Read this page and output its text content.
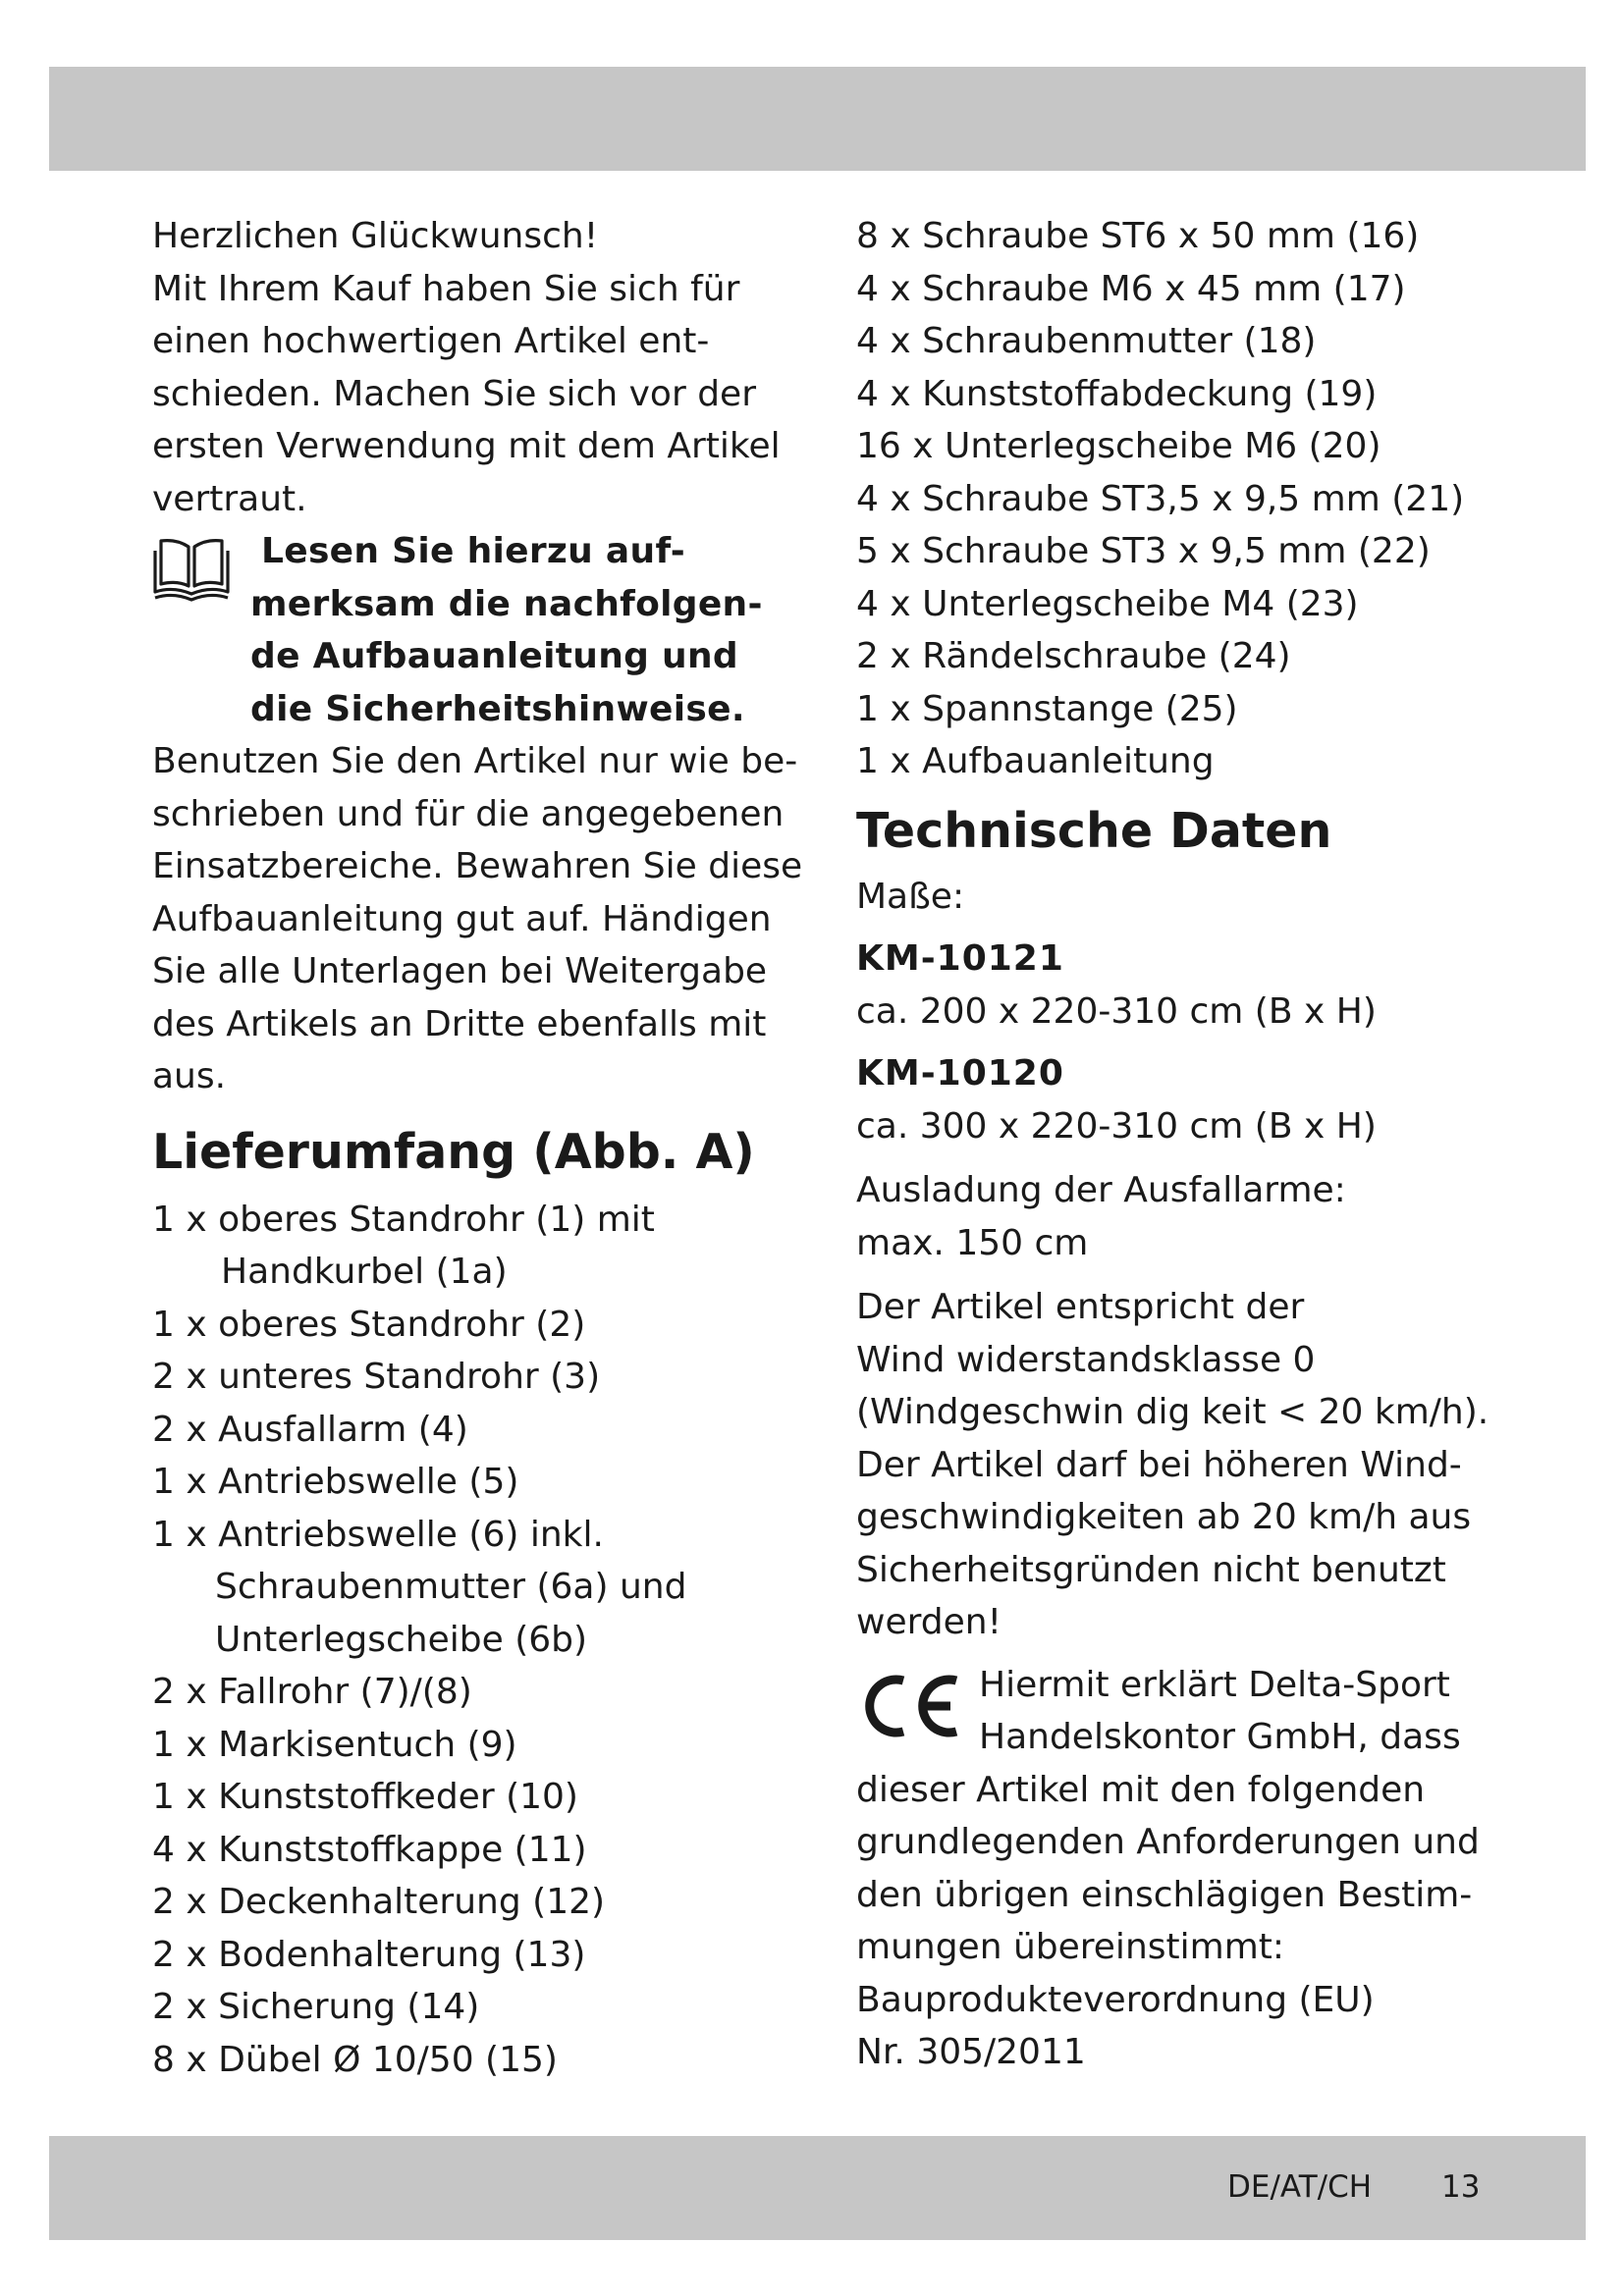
Herzlichen Glückwunsch!
Mit Ihrem Kauf haben Sie sich für
einen hochwertigen Artikel ent-
schieden. Machen Sie sich vor der
ersten Verwendung mit dem Artikel
vertraut.
Lesen Sie hierzu auf-
merksam die nachfolgen-
de Aufbauanleitung und
die Sicherheitshinweise.
Benutzen Sie den Artikel nur wie be-
schrieben und für die angegebenen
Einsatzbereiche. Bewahren Sie diese
Aufbauanleitung gut auf. Händigen
Sie alle Unterlagen bei Weitergabe
des Artikels an Dritte ebenfalls mit
aus.
Lieferumfang (Abb. A)
1 x oberes Standrohr (1) mit
Handkurbel (1a)
1 x oberes Standrohr (2)
2 x unteres Standrohr (3)
2 x Ausfallarm (4)
1 x Antriebswelle (5)
1 x Antriebswelle (6) inkl.
Schraubenmutter (6a) und
Unterlegscheibe (6b)
2 x Fallrohr (7)/(8)
1 x Markisentuch (9)
1 x Kunststoffkeder (10)
4 x Kunststoffkappe (11)
2 x Deckenhalterung (12)
2 x Bodenhalterung (13)
2 x Sicherung (14)
8 x Dübel Ø 10/50 (15)
8 x Schraube ST6 x 50 mm (16)
4 x Schraube M6 x 45 mm (17)
4 x Schraubenmutter (18)
4 x Kunststoffabdeckung (19)
16 x Unterlegscheibe M6 (20)
4 x Schraube ST3,5 x 9,5 mm (21)
5 x Schraube ST3 x 9,5 mm (22)
4 x Unterlegscheibe M4 (23)
2 x Rändelschraube (24)
1 x Spannstange (25)
1 x Aufbauanleitung
Technische Daten
Maße:
KM-10121
ca. 200 x 220-310 cm (B x H)
KM-10120
ca. 300 x 220-310 cm (B x H)
Ausladung der Ausfallarme:
max. 150 cm
Der Artikel entspricht der
Wind widerstandsklasse 0
(Windgeschwin dig keit < 20 km/h).
Der Artikel darf bei höheren Wind-
geschwindigkeiten ab 20 km/h aus
Sicherheitsgründen nicht benutzt
werden!
Hiermit erklärt Delta-Sport
Handelskontor GmbH, dass
dieser Artikel mit den folgenden
grundlegenden Anforderungen und
den übrigen einschlägigen Bestim-
mungen übereinstimmt:
Bauprodukteverordnung (EU)
Nr. 305/2011
DE/AT/CH 13
